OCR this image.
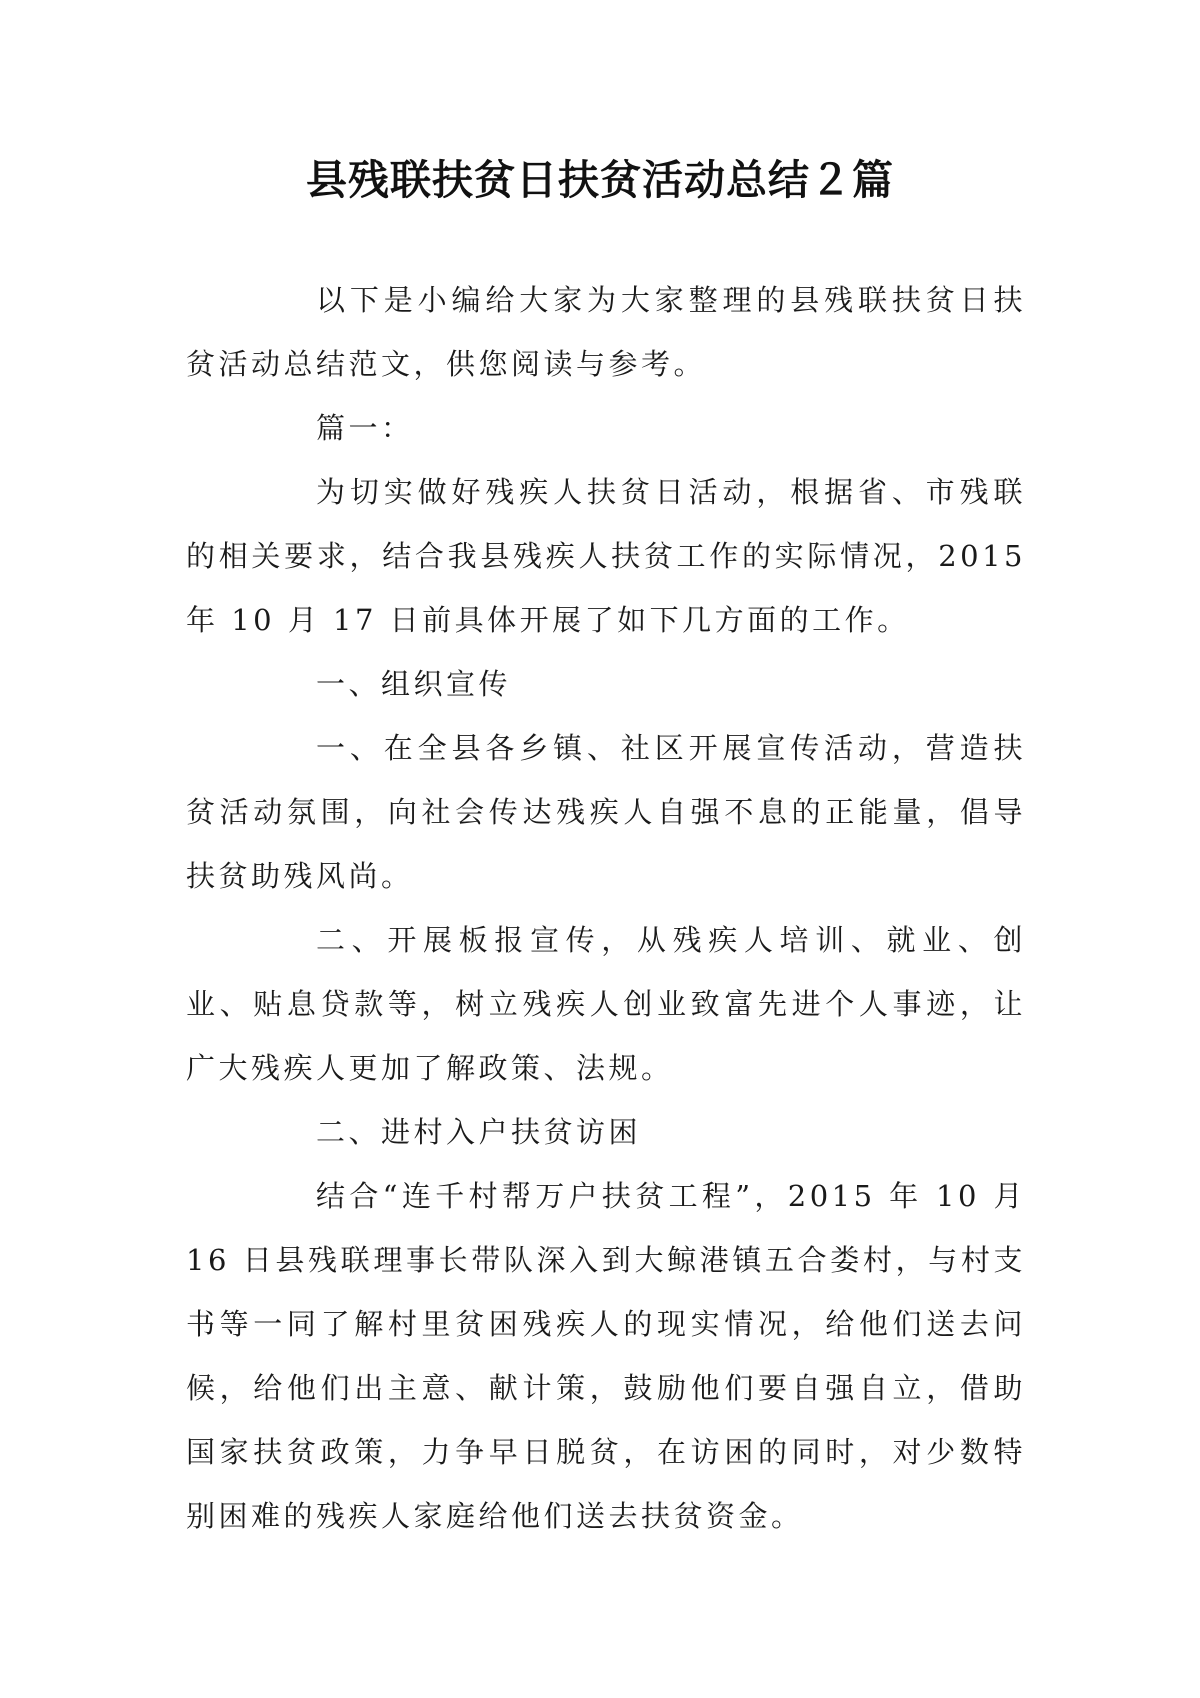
县残联扶贫日扶贫活动总结２篇

以下是小编给大家为大家整理的县残联扶贫日扶贫活动总结范文，供您阅读与参考。

篇一：

为切实做好残疾人扶贫日活动，根据省、市残联的相关要求，结合我县残疾人扶贫工作的实际情况，2015 年 10 月 17 日前具体开展了如下几方面的工作。

一、组织宣传

一、在全县各乡镇、社区开展宣传活动，营造扶贫活动氛围，向社会传达残疾人自强不息的正能量，倡导扶贫助残风尚。

二、开展板报宣传，从残疾人培训、就业、创业、贴息贷款等，树立残疾人创业致富先进个人事迹，让广大残疾人更加了解政策、法规。

二、进村入户扶贫访困

结合“连千村帮万户扶贫工程”，2015 年 10 月 16 日县残联理事长带队深入到大鲸港镇五合娄村，与村支书等一同了解村里贫困残疾人的现实情况，给他们送去问候，给他们出主意、献计策，鼓励他们要自强自立，借助国家扶贫政策，力争早日脱贫，在访困的同时，对少数特别困难的残疾人家庭给他们送去扶贫资金。
